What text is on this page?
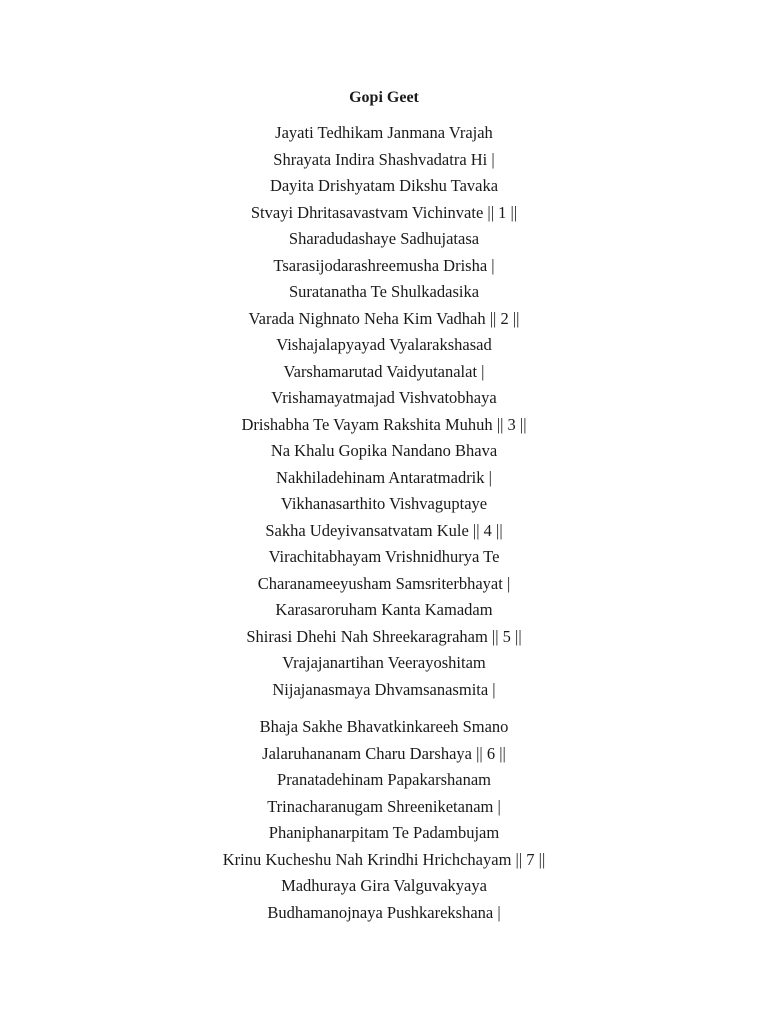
Gopi Geet
Jayati Tedhikam Janmana Vrajah
Shrayata Indira Shashvadatra Hi |
Dayita Drishyatam Dikshu Tavaka
Stvayi Dhritasavastvam Vichinvate || 1 ||
Sharadudashaye Sadhujatasa
Tsarasijodarashreemusha Drisha |
Suratanatha Te Shulkadasika
Varada Nighnato Neha Kim Vadhah || 2 ||
Vishajalapyayad Vyalarakshasad
Varshamarutad Vaidyutanalat |
Vrishamayatmajad Vishvatobhaya
Drishabha Te Vayam Rakshita Muhuh || 3 ||
Na Khalu Gopika Nandano Bhava
Nakhiladehinam Antaratmadrik |
Vikhanasarthito Vishvaguptaye
Sakha Udeyivansatvatam Kule || 4 ||
Virachitabhayam Vrishnidhurya Te
Charanameeyusham Samsriterbhayat |
Karasaroruham Kanta Kamadam
Shirasi Dhehi Nah Shreekaragraham || 5 ||
Vrajajanartihan Veerayoshitam
Nijajanasmaya Dhvamsanasmita |
Bhaja Sakhe Bhavatkinkareeh Smano
Jalaruhananam Charu Darshaya || 6 ||
Pranatadehinam Papakarshanam
Trinacharanugam Shreeniketanam |
Phaniphanarpitam Te Padambujam
Krinu Kucheshu Nah Krindhi Hrichchayam || 7 ||
Madhuraya Gira Valguvakyaya
Budhamanojnaya Pushkarekshana |
